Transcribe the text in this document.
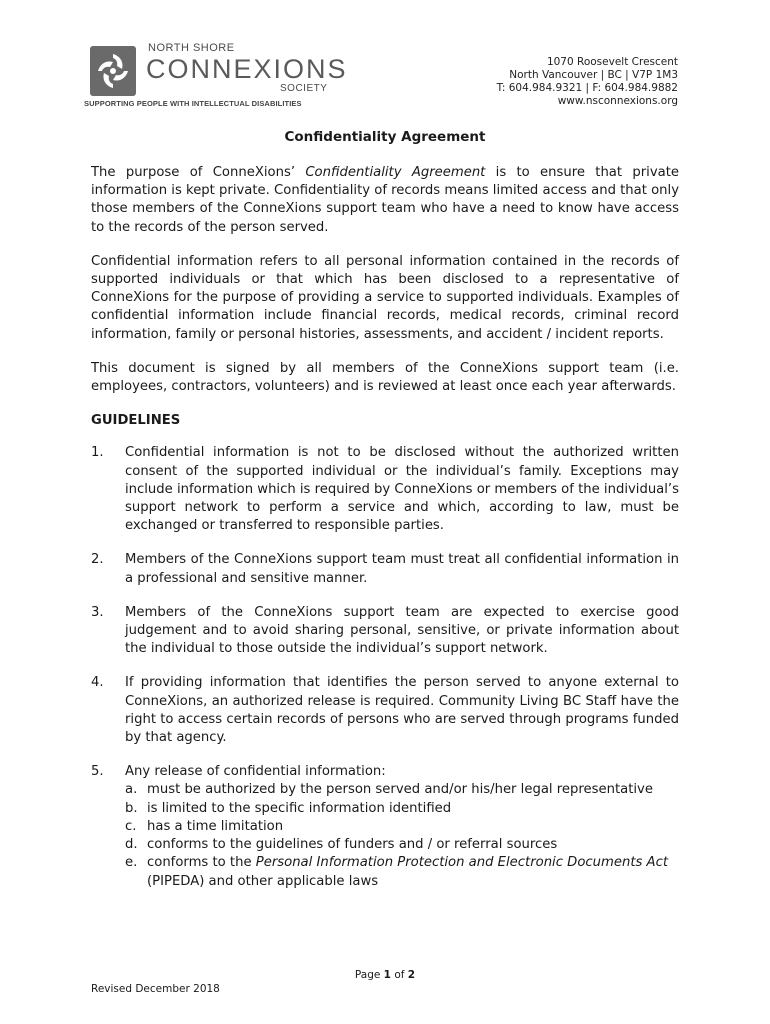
NORTH SHORE
CONNEXIONS
SOCIETY
SUPPORTING PEOPLE WITH INTELLECTUAL DISABILITIES
1070 Roosevelt Crescent
North Vancouver | BC | V7P 1M3
T: 604.984.9321 | F: 604.984.9882
www.nsconnexions.org
Confidentiality Agreement

The purpose of ConneXions’ Confidentiality Agreement is to ensure that private information is kept private. Confidentiality of records means limited access and that only those members of the ConneXions support team who have a need to know have access to the records of the person served.

Confidential information refers to all personal information contained in the records of supported individuals or that which has been disclosed to a representative of ConneXions for the purpose of providing a service to supported individuals. Examples of confidential information include financial records, medical records, criminal record information, family or personal histories, assessments, and accident / incident reports.

This document is signed by all members of the ConneXions support team (i.e. employees, contractors, volunteers) and is reviewed at least once each year afterwards.

GUIDELINES
1. Confidential information is not to be disclosed without the authorized written consent of the supported individual or the individual’s family. Exceptions may include information which is required by ConneXions or members of the individual’s support network to perform a service and which, according to law, must be exchanged or transferred to responsible parties.
2. Members of the ConneXions support team must treat all confidential information in a professional and sensitive manner.
3. Members of the ConneXions support team are expected to exercise good judgement and to avoid sharing personal, sensitive, or private information about the individual to those outside the individual’s support network.
4. If providing information that identifies the person served to anyone external to ConneXions, an authorized release is required. Community Living BC Staff have the right to access certain records of persons who are served through programs funded by that agency.
5. Any release of confidential information:
a. must be authorized by the person served and/or his/her legal representative
b. is limited to the specific information identified
c. has a time limitation
d. conforms to the guidelines of funders and / or referral sources
e. conforms to the Personal Information Protection and Electronic Documents Act (PIPEDA) and other applicable laws
Page 1 of 2
Revised December 2018
